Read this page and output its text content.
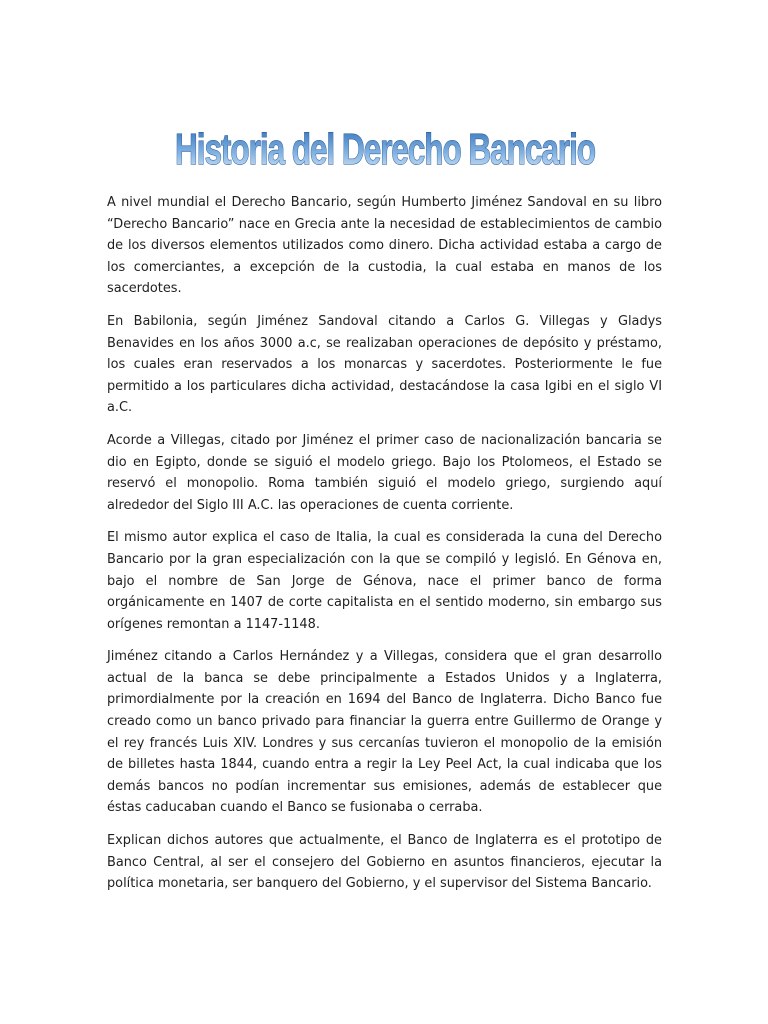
Historia del Derecho Bancario

A nivel mundial el Derecho Bancario, según Humberto Jiménez Sandoval en su libro “Derecho Bancario” nace en Grecia ante la necesidad de establecimientos de cambio de los diversos elementos utilizados como dinero. Dicha actividad estaba a cargo de los comerciantes, a excepción de la custodia, la cual estaba en manos de los sacerdotes.

En Babilonia, según Jiménez Sandoval citando a Carlos G. Villegas y Gladys Benavides en los años 3000 a.c, se realizaban operaciones de depósito y préstamo, los cuales eran reservados a los monarcas y sacerdotes. Posteriormente le fue permitido a los particulares dicha actividad, destacándose la casa Igibi en el siglo VI a.C.

Acorde a Villegas, citado por Jiménez el primer caso de nacionalización bancaria se dio en Egipto, donde se siguió el modelo griego. Bajo los Ptolomeos, el Estado se reservó el monopolio. Roma también siguió el modelo griego, surgiendo aquí alrededor del Siglo III A.C. las operaciones de cuenta corriente.

El mismo autor explica el caso de Italia, la cual es considerada la cuna del Derecho Bancario por la gran especialización con la que se compiló y legisló. En Génova en, bajo el nombre de San Jorge de Génova, nace el primer banco de forma orgánicamente en 1407 de corte capitalista en el sentido moderno, sin embargo sus orígenes remontan a 1147-1148.

Jiménez citando a Carlos Hernández y a Villegas, considera que el gran desarrollo actual de la banca se debe principalmente a Estados Unidos y a Inglaterra, primordialmente por la creación en 1694 del Banco de Inglaterra. Dicho Banco fue creado como un banco privado para financiar la guerra entre Guillermo de Orange y el rey francés Luis XIV. Londres y sus cercanías tuvieron el monopolio de la emisión de billetes hasta 1844, cuando entra a regir la Ley Peel Act, la cual indicaba que los demás bancos no podían incrementar sus emisiones, además de establecer que éstas caducaban cuando el Banco se fusionaba o cerraba.

Explican dichos autores que actualmente, el Banco de Inglaterra es el prototipo de Banco Central, al ser el consejero del Gobierno en asuntos financieros, ejecutar la política monetaria, ser banquero del Gobierno, y el supervisor del Sistema Bancario.
